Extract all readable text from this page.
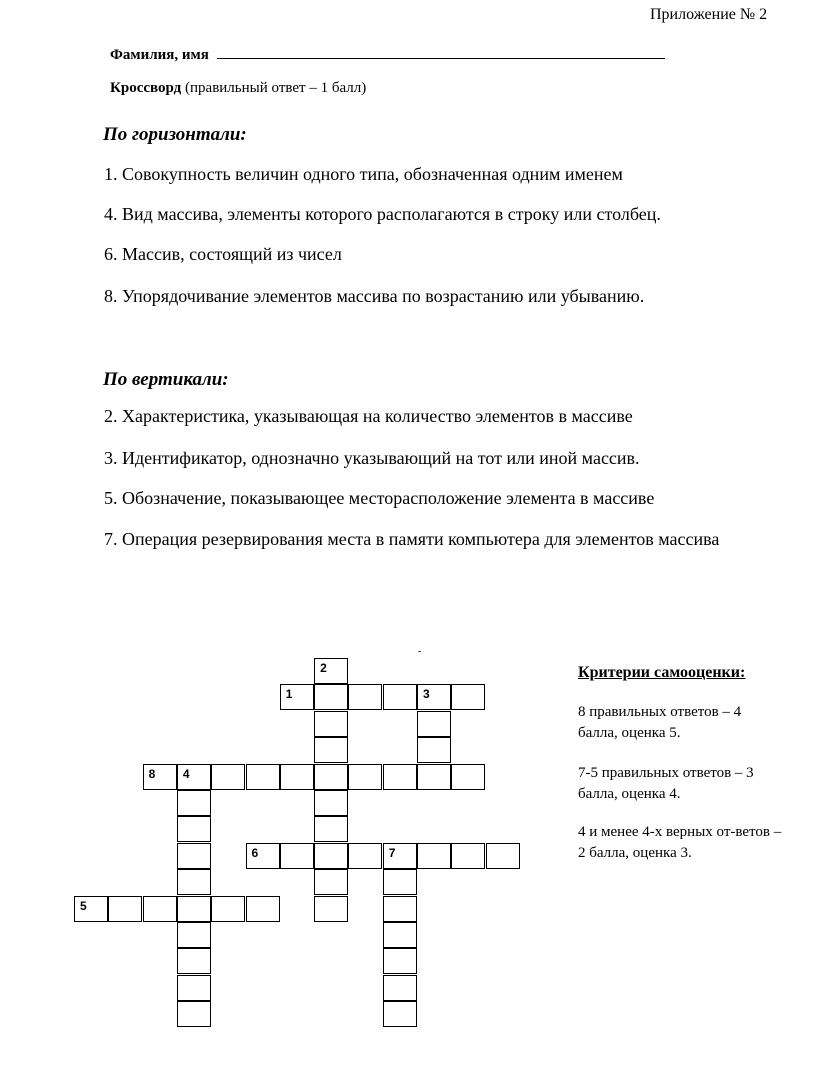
Приложение № 2
Фамилия, имя
Кроссворд (правильный ответ – 1 балл)
По горизонтали:
1. Совокупность величин одного типа, обозначенная одним именем
4. Вид массива, элементы которого располагаются в строку или столбец.
6. Массив, состоящий из чисел
8. Упорядочивание элементов массива по возрастанию или убыванию.
По вертикали:
2. Характеристика, указывающая на количество элементов в массиве
3. Идентификатор, однозначно указывающий на тот или иной массив.
5. Обозначение, показывающее месторасположение элемента в массиве
7. Операция резервирования места в памяти компьютера для элементов массива
-
1	3
2
8 4
6	7
5
Критерии самооценки:
8 правильных ответов – 4 балла, оценка 5.
7-5 правильных ответов – 3 балла, оценка 4.
4 и менее 4-х верных от-ветов – 2 балла, оценка 3.
